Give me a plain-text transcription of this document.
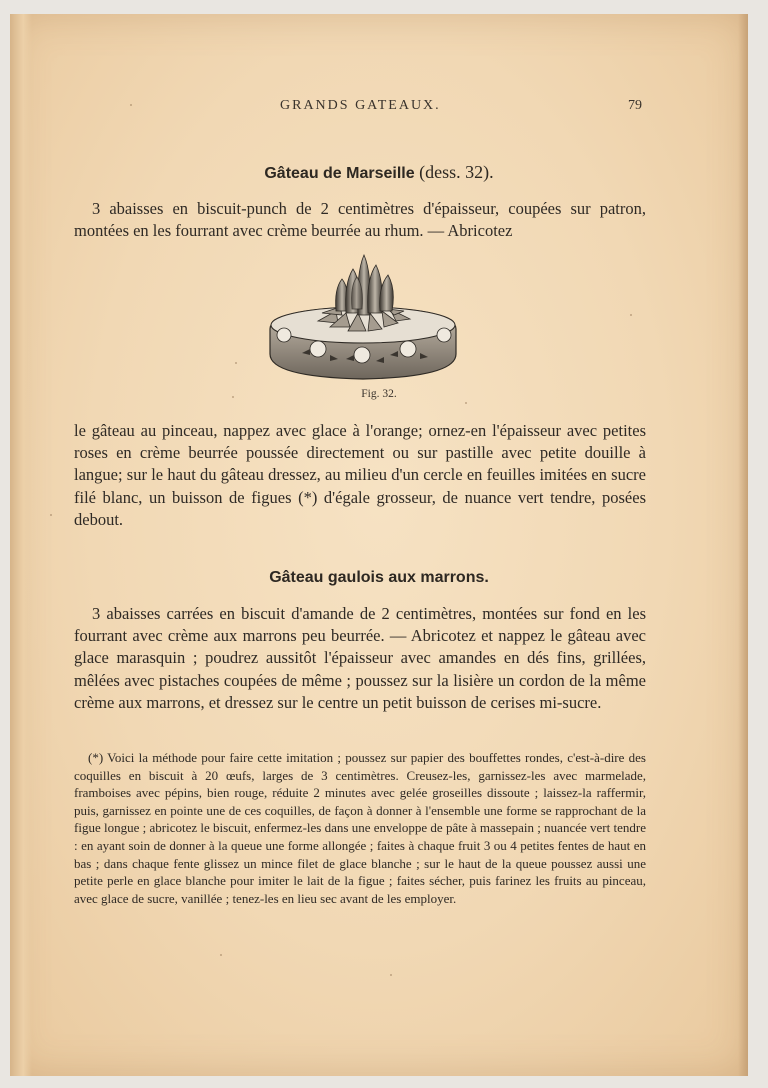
GRANDS GATEAUX.	79
Gâteau de Marseille (dess. 32).
3 abaisses en biscuit-punch de 2 centimètres d'épaisseur, coupées sur patron, montées en les fourrant avec crème beurrée au rhum. — Abricotez
Fig. 32.
le gâteau au pinceau, nappez avec glace à l'orange; ornez-en l'épaisseur avec petites roses en crème beurrée poussée directement ou sur pastille avec petite douille à langue; sur le haut du gâteau dressez, au milieu d'un cercle en feuilles imitées en sucre filé blanc, un buisson de figues (*) d'égale grosseur, de nuance vert tendre, posées debout.
Gâteau gaulois aux marrons.
3 abaisses carrées en biscuit d'amande de 2 centimètres, montées sur fond en les fourrant avec crème aux marrons peu beurrée. — Abricotez et nappez le gâteau avec glace marasquin ; poudrez aussitôt l'épaisseur avec amandes en dés fins, grillées, mêlées avec pistaches coupées de même ; poussez sur la lisière un cordon de la même crème aux marrons, et dressez sur le centre un petit buisson de cerises mi-sucre.
(*) Voici la méthode pour faire cette imitation ; poussez sur papier des bouffettes rondes, c'est-à-dire des coquilles en biscuit à 20 œufs, larges de 3 centimètres. Creusez-les, garnissez-les avec marmelade, framboises avec pépins, bien rouge, réduite 2 minutes avec gelée groseilles dissoute ; laissez-la raffermir, puis, garnissez en pointe une de ces coquilles, de façon à donner à l'ensemble une forme se rapprochant de la figue longue ; abricotez le biscuit, enfermez-les dans une enveloppe de pâte à massepain ; nuancée vert tendre : en ayant soin de donner à la queue une forme allongée ; faites à chaque fruit 3 ou 4 petites fentes de haut en bas ; dans chaque fente glissez un mince filet de glace blanche ; sur le haut de la queue poussez aussi une petite perle en glace blanche pour imiter le lait de la figue ; faites sécher, puis farinez les fruits au pinceau, avec glace de sucre, vanillée ; tenez-les en lieu sec avant de les employer.
